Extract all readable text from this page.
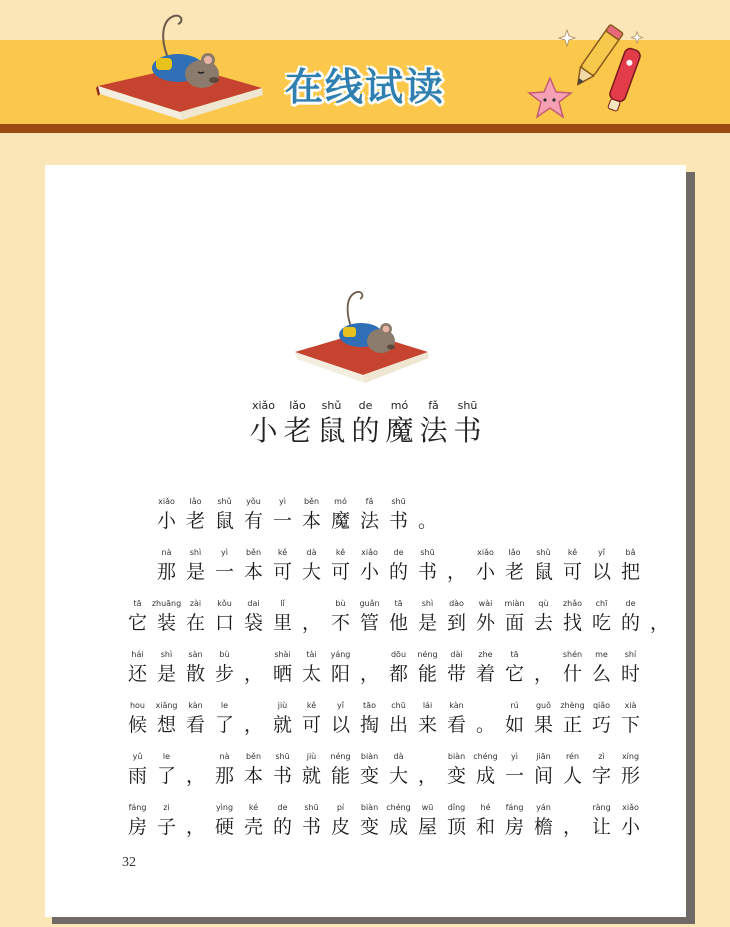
在线试读
xiǎo
小
lǎo
老
shǔ
鼠
de
的
mó
魔
fǎ
法
shū
书
xiǎo
小
lǎo
老
shǔ
鼠
yǒu
有
yì
一
běn
本
mó
魔
fǎ
法
shū
书 。
nà
那
shì
是
yì
一
běn
本
kě
可
dà
大
kě
可
xiǎo
小
de
的
shū
书 ，
xiǎo
小
lǎo
老
shǔ
鼠
kě
可
yǐ
以
bǎ
把
tā
它
zhuāng
装
zài
在
kǒu
口
dai
袋
lǐ
里 ，
bù
不
guǎn
管
tā
他
shì
是
dào
到
wài
外
miàn
面
qù
去
zhǎo
找
chī
吃
de
的 ，
hái
还
shì
是
sàn
散
bù
步 ，
shài
晒
tài
太
yáng
阳 ，
dōu
都
néng
能
dài
带
zhe
着
tā
它 ，
shén
什
me
么
shí
时
hou
候
xiǎng
想
kàn
看
le
了 ，
jiù
就
kě
可
yǐ
以
tāo
掏
chū
出
lái
来
kàn
看 。
rú
如
guǒ
果
zhèng
正
qiǎo
巧
xià
下
yǔ
雨
le
了 ，
nà
那
běn
本
shū
书
jiù
就
néng
能
biàn
变
dà
大 ，
biàn
变
chéng
成
yì
一
jiān
间
rén
人
zì
字
xíng
形
fáng
房
zi
子 ，
yìng
硬
ké
壳
de
的
shū
书
pí
皮
biàn
变
chéng
成
wū
屋
dǐng
顶
hé
和
fáng
房
yán
檐 ，
ràng
让
xiǎo
小
32
